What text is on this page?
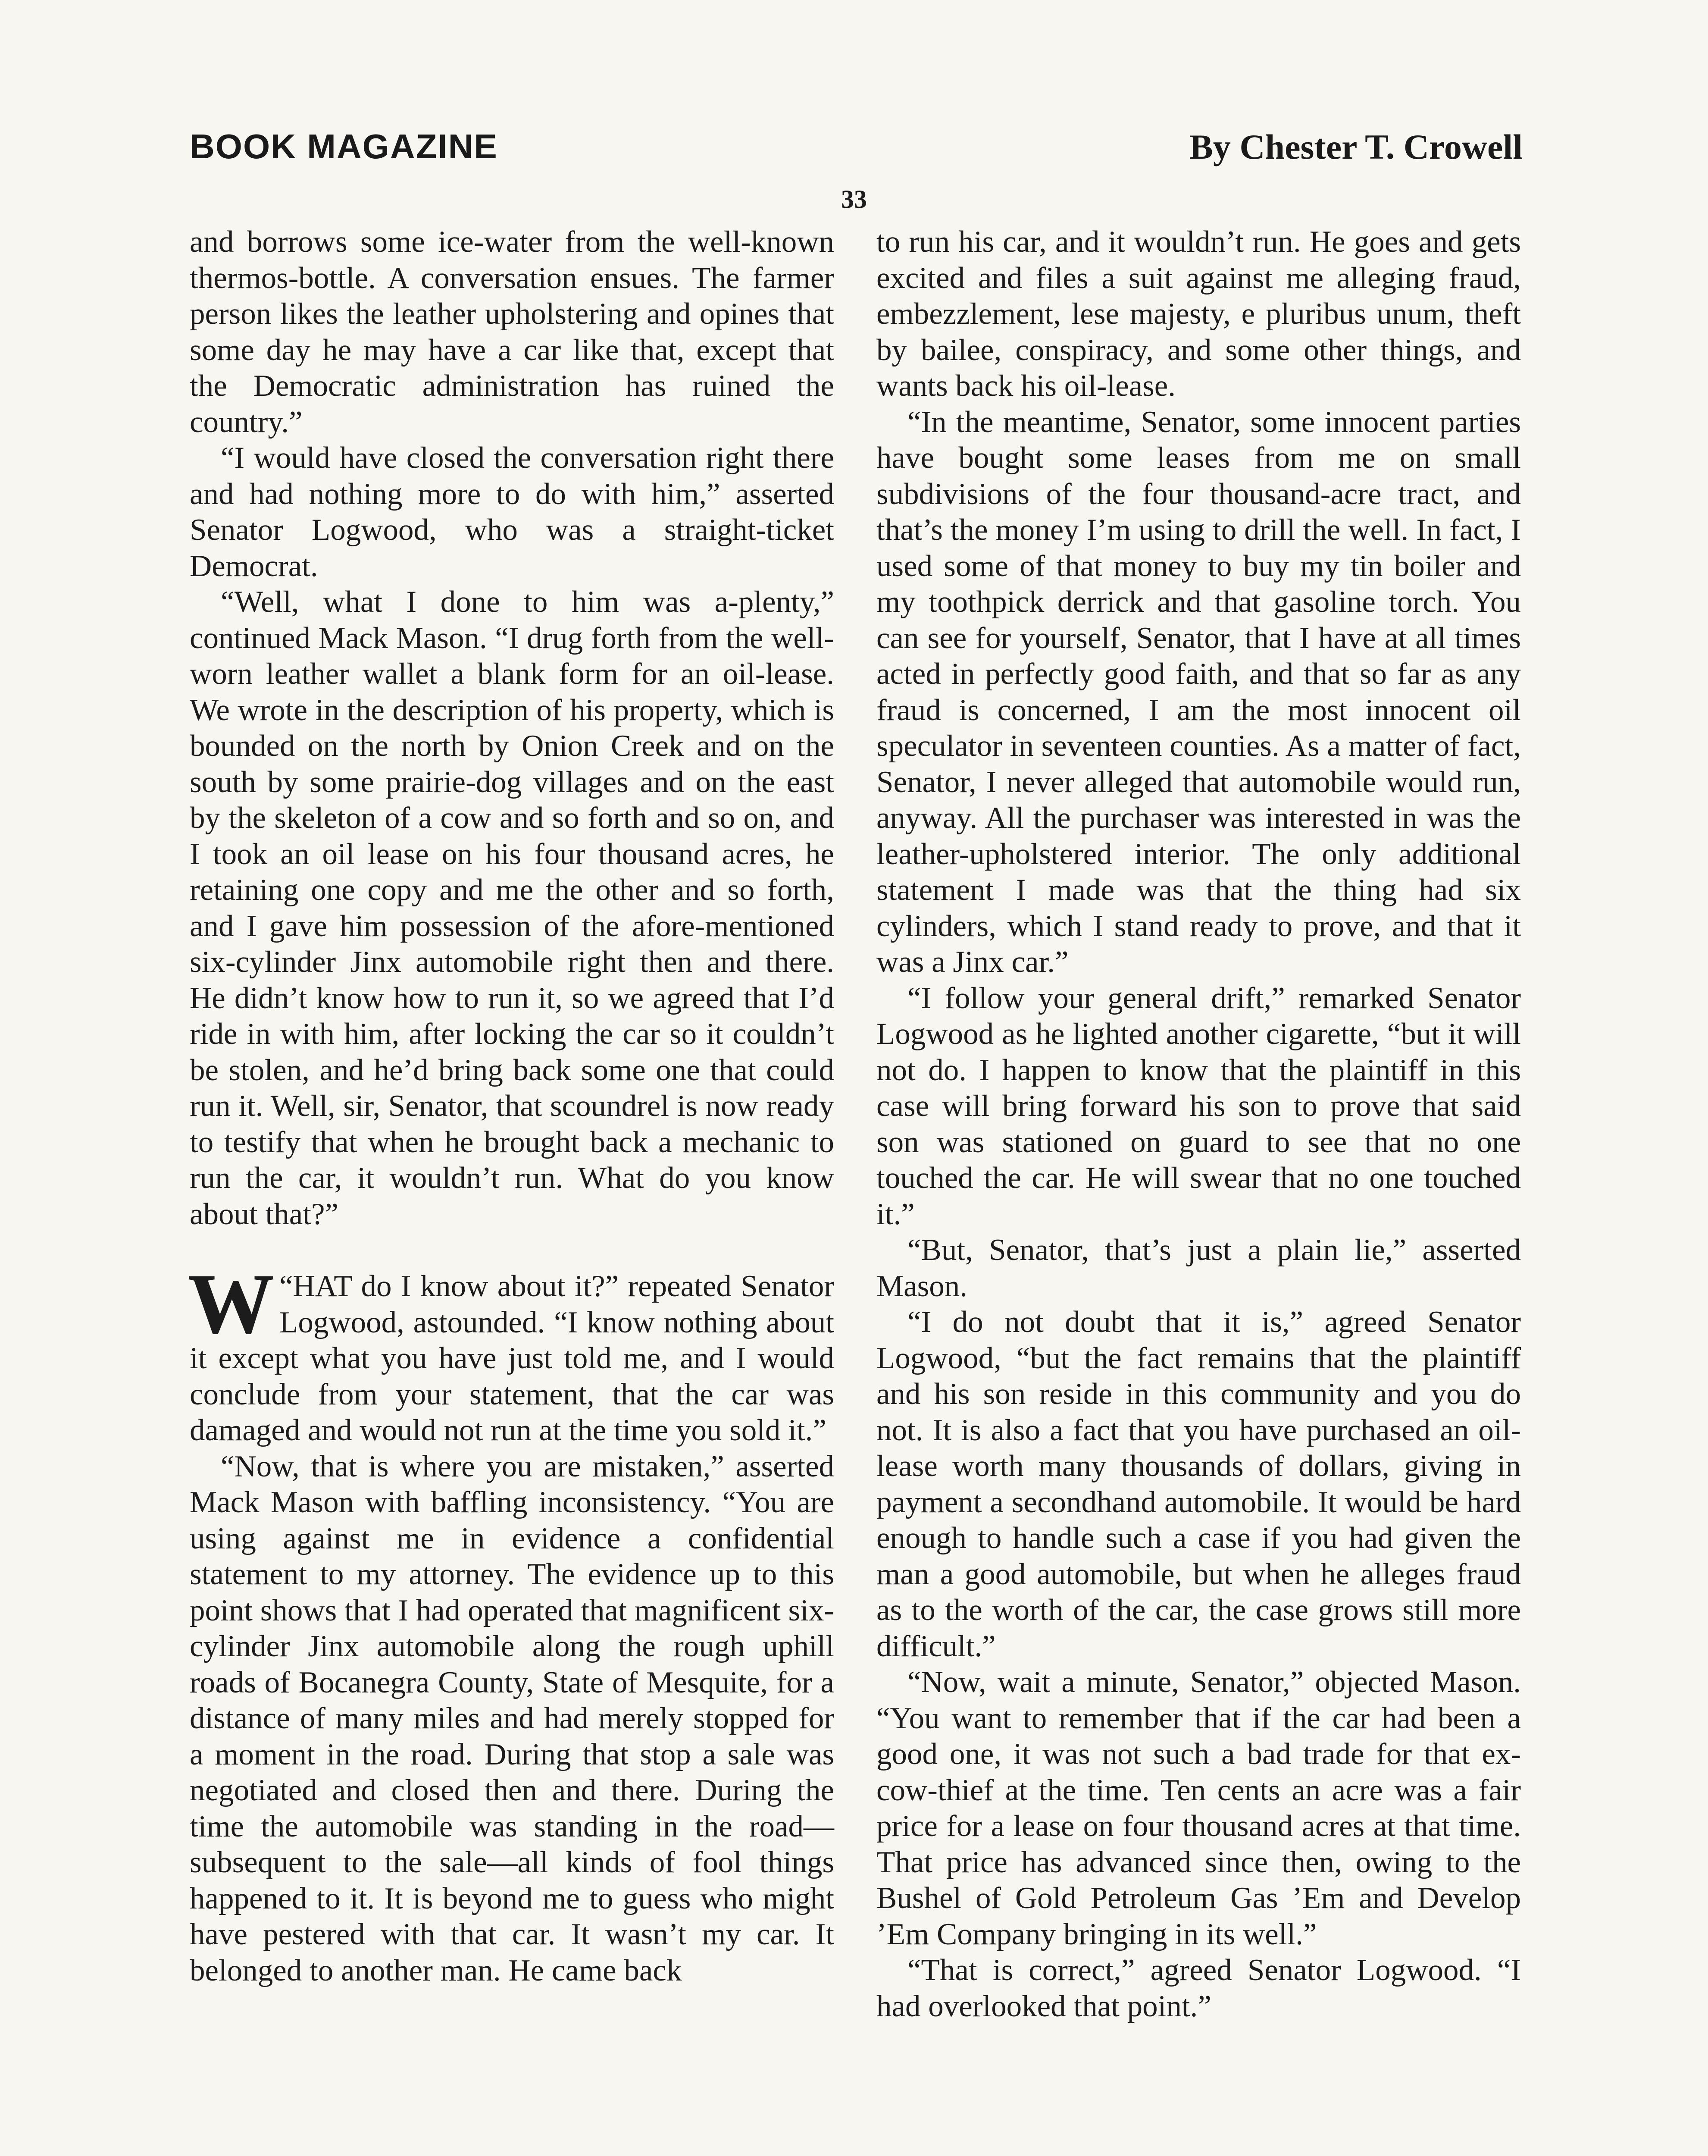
BOOK MAGAZINE	By Chester T. Crowell
33

and borrows some ice-water from the well-known thermos-bottle. A conversation ensues. The farmer person likes the leather upholstering and opines that some day he may have a car like that, except that the Democratic administration has ruined the country.”

“I would have closed the conversation right there and had nothing more to do with him,” asserted Senator Logwood, who was a straight-ticket Democrat.

“Well, what I done to him was a-plenty,” continued Mack Mason. “I drug forth from the well-worn leather wallet a blank form for an oil-lease. We wrote in the description of his property, which is bounded on the north by Onion Creek and on the south by some prairie-dog villages and on the east by the skeleton of a cow and so forth and so on, and I took an oil lease on his four thousand acres, he retaining one copy and me the other and so forth, and I gave him possession of the afore-mentioned six-cylinder Jinx automobile right then and there. He didn’t know how to run it, so we agreed that I’d ride in with him, after locking the car so it couldn’t be stolen, and he’d bring back some one that could run it. Well, sir, Senator, that scoundrel is now ready to testify that when he brought back a mechanic to run the car, it wouldn’t run. What do you know about that?”

“
W HAT do I know about it?” repeated Senator Logwood, astounded. “I know nothing about it except what you have just told me, and I would conclude from your statement, that the car was damaged and would not run at the time you sold it.”

“Now, that is where you are mistaken,” asserted Mack Mason with baffling inconsistency. “You are using against me in evidence a confidential statement to my attorney. The evidence up to this point shows that I had operated that magnificent six-cylinder Jinx automobile along the rough uphill roads of Bocanegra County, State of Mesquite, for a distance of many miles and had merely stopped for a moment in the road. During that stop a sale was negotiated and closed then and there. During the time the automobile was standing in the road—subsequent to the sale—all kinds of fool things happened to it. It is beyond me to guess who might have pestered with that car. It wasn’t my car. It belonged to another man. He came back

to run his car, and it wouldn’t run. He goes and gets excited and files a suit against me alleging fraud, embezzlement, lese majesty, e pluribus unum, theft by bailee, conspiracy, and some other things, and wants back his oil-lease.

“In the meantime, Senator, some innocent parties have bought some leases from me on small subdivisions of the four thousand-acre tract, and that’s the money I’m using to drill the well. In fact, I used some of that money to buy my tin boiler and my toothpick derrick and that gasoline torch. You can see for yourself, Senator, that I have at all times acted in perfectly good faith, and that so far as any fraud is concerned, I am the most innocent oil speculator in seventeen counties. As a matter of fact, Senator, I never alleged that automobile would run, anyway. All the purchaser was interested in was the leather-upholstered interior. The only additional statement I made was that the thing had six cylinders, which I stand ready to prove, and that it was a Jinx car.”

“I follow your general drift,” remarked Senator Logwood as he lighted another cigarette, “but it will not do. I happen to know that the plaintiff in this case will bring forward his son to prove that said son was stationed on guard to see that no one touched the car. He will swear that no one touched it.”

“But, Senator, that’s just a plain lie,” asserted Mason.

“I do not doubt that it is,” agreed Senator Logwood, “but the fact remains that the plaintiff and his son reside in this community and you do not. It is also a fact that you have purchased an oil-lease worth many thousands of dollars, giving in payment a secondhand automobile. It would be hard enough to handle such a case if you had given the man a good automobile, but when he alleges fraud as to the worth of the car, the case grows still more difficult.”

“Now, wait a minute, Senator,” objected Mason. “You want to remember that if the car had been a good one, it was not such a bad trade for that ex-cow-thief at the time. Ten cents an acre was a fair price for a lease on four thousand acres at that time. That price has advanced since then, owing to the Bushel of Gold Petroleum Gas ’Em and Develop ’Em Company bringing in its well.”

“That is correct,” agreed Senator Logwood. “I had overlooked that point.”
